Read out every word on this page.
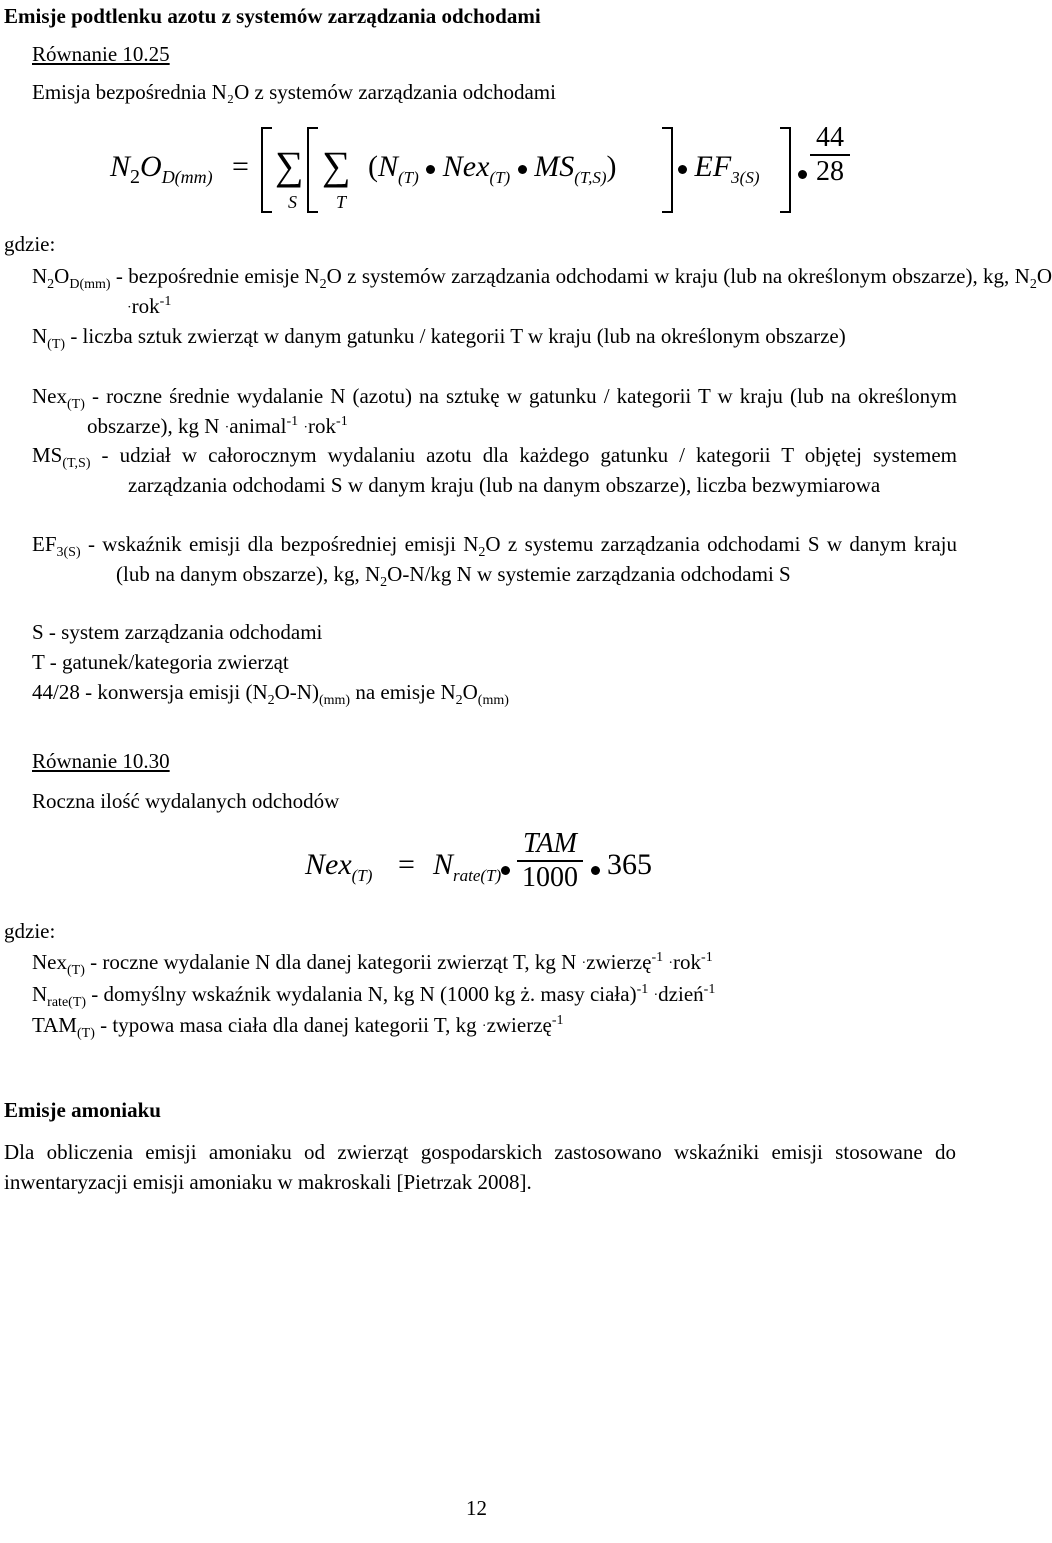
Emisje podtlenku azotu z systemów zarządzania odchodami
Równanie 10.25
Emisja bezpośrednia N₂O z systemów zarządzania odchodami
$N_2O_{D(mm)}$ = ∑
S
∑
T
($N_{(T)}$ Nex$_{(T)}$ $MS_{(T,S)}$)	$EF_{3(S)}$
44
28
gdzie:
$N_2O_{D(mm)}$ - bezpośrednie emisje $N_2O$ z systemów zarządzania odchodami w kraju (lub na określonym obszarze), kg, $N_2O \cdot rok^{-1}$
$N_{(T)}$ - liczba sztuk zwierząt w danym gatunku / kategorii T w kraju (lub na określonym obszarze)
Nex$_{(T)}$ - roczne średnie wydalanie N (azotu) na sztukę w gatunku / kategorii T w kraju (lub na określonym obszarze), kg N ·animal$^{-1}$ ·rok$^{-1}$
$MS_{(T,S)}$ - udział w całorocznym wydalaniu azotu dla każdego gatunku / kategorii T objętej systemem zarządzania odchodami S w danym kraju (lub na danym obszarze), liczba bezwymiarowa
$EF_{3(S)}$ - wskaźnik emisji dla bezpośredniej emisji $N_2O$ z systemu zarządzania odchodami S w danym kraju (lub na danym obszarze), kg, $N_2O-N/kg$ N w systemie zarządzania odchodami S
S - system zarządzania odchodami
T - gatunek/kategoria zwierząt
44/28 - konwersja emisji $(N_2O-N)_{(mm)}$ na emisje $N_2O_{(mm)}$
Równanie 10.30
Roczna ilość wydalanych odchodów
$Nex_{(T)} = N_{rate(T)}$
TAM
1000 365
gdzie:
Nex$_{(T)}$ - roczne wydalanie N dla danej kategorii zwierząt T, kg N ·zwierzę$^{-1}$ ·rok$^{-1}$
$N_{rate(T)}$ - domyślny wskaźnik wydalania N, kg N (1000 kg ż. masy ciała)$^{-1}$ ·dzień$^{-1}$
$TAM_{(T)}$ - typowa masa ciała dla danej kategorii T, kg ·zwierzę$^{-1}$
Emisje amoniaku
Dla obliczenia emisji amoniaku od zwierząt gospodarskich zastosowano wskaźniki emisji stosowane do inwentaryzacji emisji amoniaku w makroskali [Pietrzak 2008].
12
